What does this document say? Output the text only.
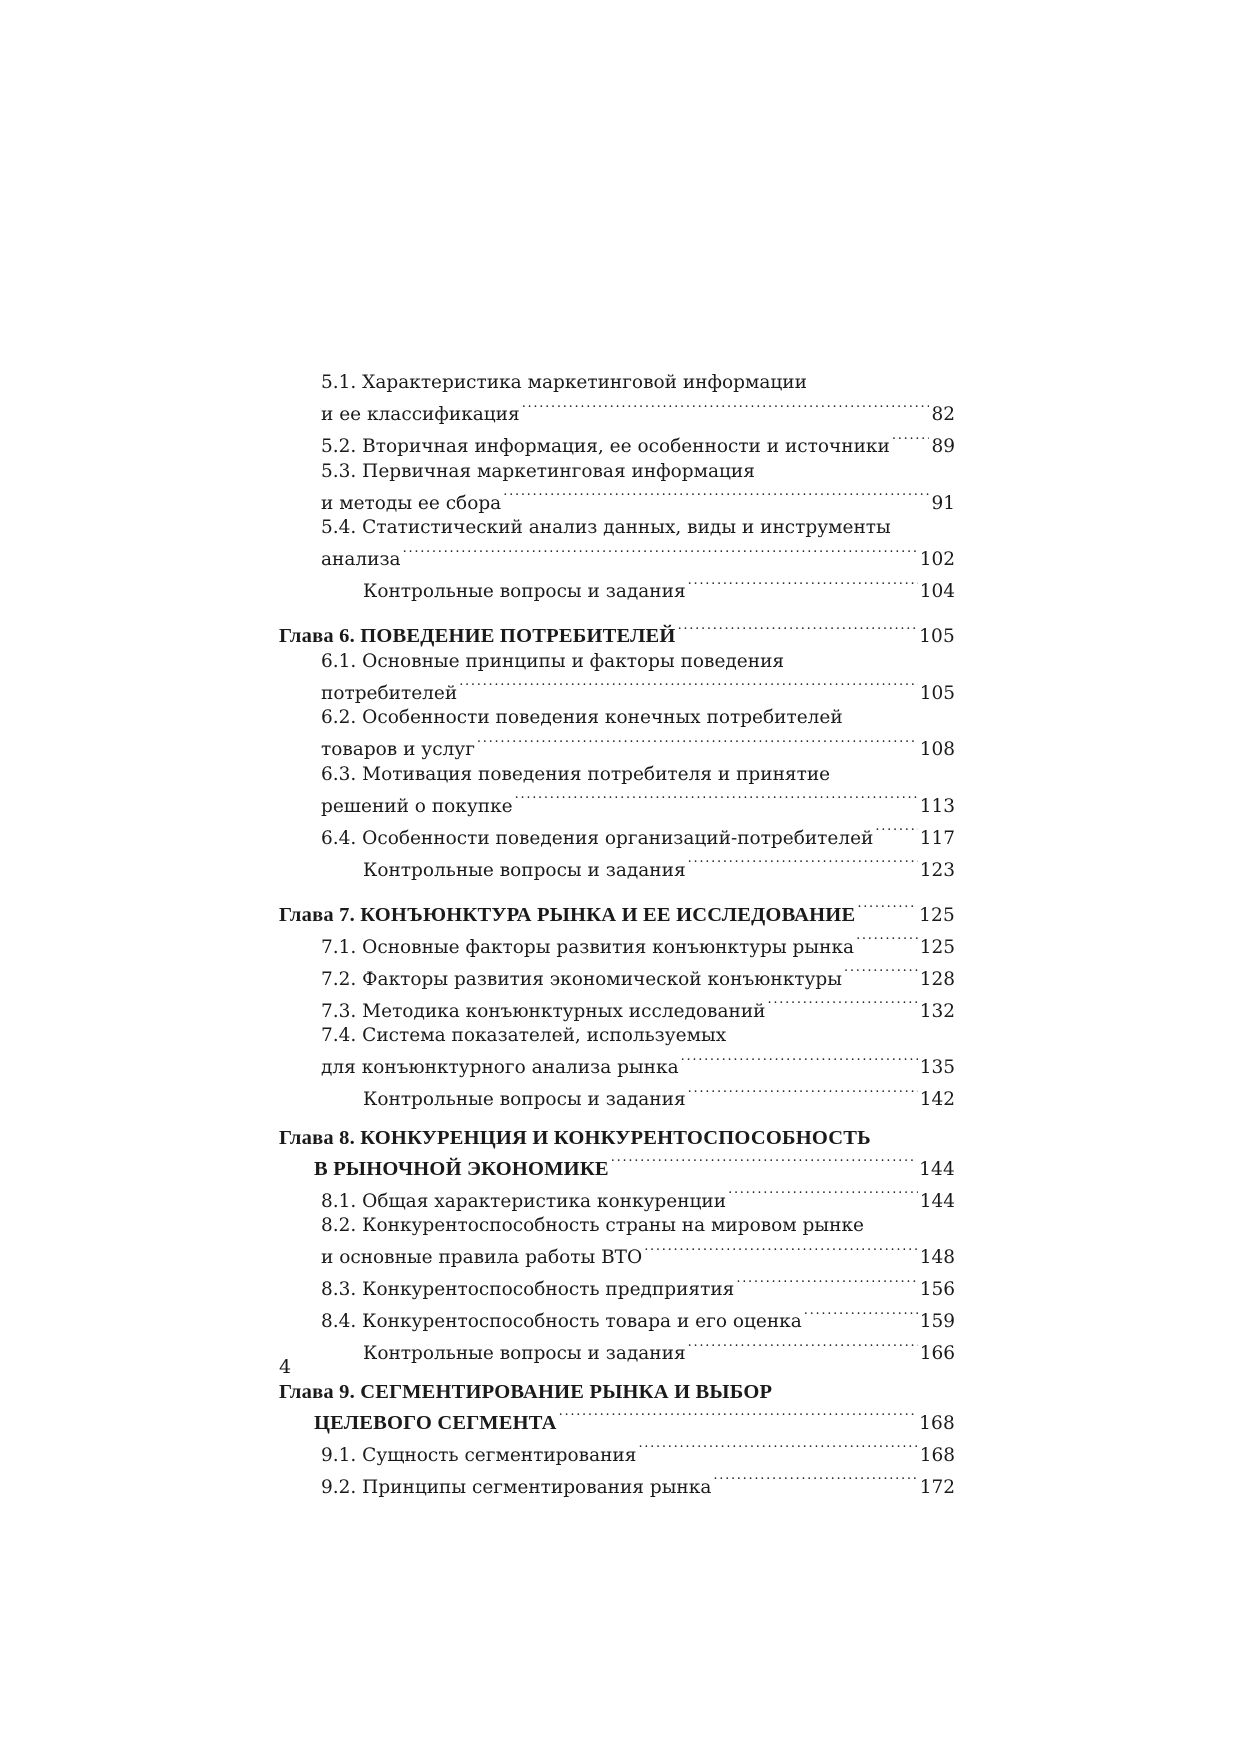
5.1. Характеристика маркетинговой информации
и ее классификация . . .	82
5.2. Вторичная информация, ее особенности и источники . . . 89
5.3. Первичная маркетинговая информация
и методы ее сбора . . .	91
5.4. Статистический анализ данных, виды и инструменты
анализа . . .	102
Контрольные вопросы и задания . . .	104
Глава 6. ПОВЕДЕНИЕ ПОТРЕБИТЕЛЕЙ . . .	105
6.1. Основные принципы и факторы поведения
потребителей . . .	105
6.2. Особенности поведения конечных потребителей
товаров и услуг . . .	108
6.3. Мотивация поведения потребителя и принятие
решений о покупке . . .	113
6.4. Особенности поведения организаций-потребителей . . .	117
Контрольные вопросы и задания . . .	123
Глава 7. КОНЪЮНКТУРА РЫНКА И ЕЕ ИССЛЕДОВАНИЕ . . .	125
7.1. Основные факторы развития конъюнктуры рынка . . .	125
7.2. Факторы развития экономической конъюнктуры . . .	128
7.3. Методика конъюнктурных исследований . . .	132
7.4. Система показателей, используемых
для конъюнктурного анализа рынка . . .	135
Контрольные вопросы и задания . . .	142
Глава 8. КОНКУРЕНЦИЯ И КОНКУРЕНТОСПОСОБНОСТЬ
В РЫНОЧНОЙ ЭКОНОМИКЕ . . .	144
8.1. Общая характеристика конкуренции . . .	144
8.2. Конкурентоспособность страны на мировом рынке
и основные правила работы ВТО . . .	148
8.3. Конкурентоспособность предприятия . . .	156
8.4. Конкурентоспособность товара и его оценка . . .	159
Контрольные вопросы и задания . . .	166
Глава 9. СЕГМЕНТИРОВАНИЕ РЫНКА И ВЫБОР
ЦЕЛЕВОГО СЕГМЕНТА . . .	168
9.1. Сущность сегментирования . . .	168
9.2. Принципы сегментирования рынка . . .	172
4
